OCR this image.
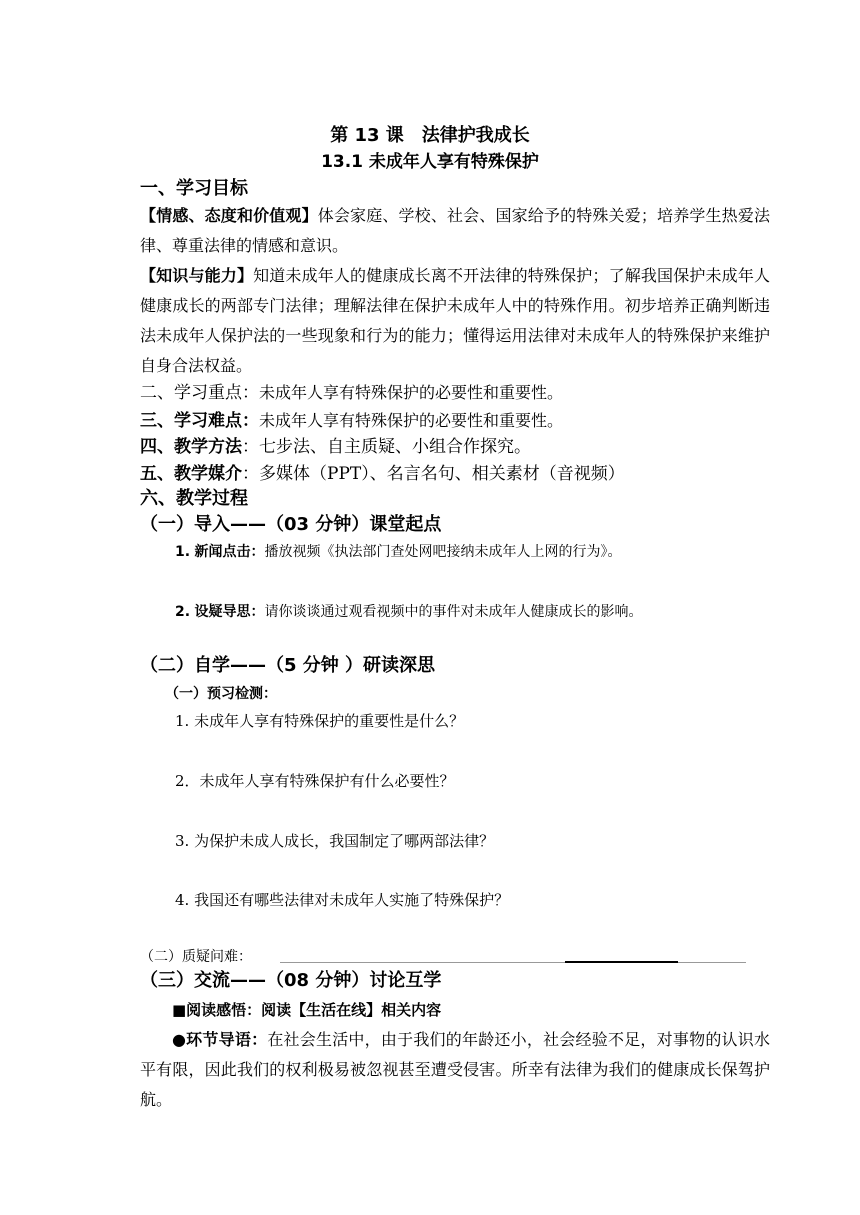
第 13 课　法律护我成长
13.1 未成年人享有特殊保护
一、学习目标
【情感、态度和价值观】体会家庭、学校、社会、国家给予的特殊关爱；培养学生热爱法律、尊重法律的情感和意识。
【知识与能力】知道未成年人的健康成长离不开法律的特殊保护；了解我国保护未成年人健康成长的两部专门法律；理解法律在保护未成年人中的特殊作用。初步培养正确判断违法未成年人保护法的一些现象和行为的能力；懂得运用法律对未成年人的特殊保护来维护自身合法权益。
二、学习重点：未成年人享有特殊保护的必要性和重要性。
三、学习难点：未成年人享有特殊保护的必要性和重要性。
四、教学方法：七步法、自主质疑、小组合作探究。
五、教学媒介：多媒体（PPT）、名言名句、相关素材（音视频）
六、教学过程
（一）导入——（03 分钟）课堂起点
1. 新闻点击：播放视频《执法部门查处网吧接纳未成年人上网的行为》。
2. 设疑导思：请你谈谈通过观看视频中的事件对未成年人健康成长的影响。
（二）自学——（5 分钟 ）研读深思
（一）预习检测：
1. 未成年人享有特殊保护的重要性是什么？
2．未成年人享有特殊保护有什么必要性？
3. 为保护未成人成长，我国制定了哪两部法律？
4. 我国还有哪些法律对未成年人实施了特殊保护？
（二）质疑问难：
（三）交流——（08 分钟）讨论互学
■阅读感悟：阅读【生活在线】相关内容
●环节导语：在社会生活中，由于我们的年龄还小，社会经验不足，对事物的认识水平有限，因此我们的权利极易被忽视甚至遭受侵害。所幸有法律为我们的健康成长保驾护航。
